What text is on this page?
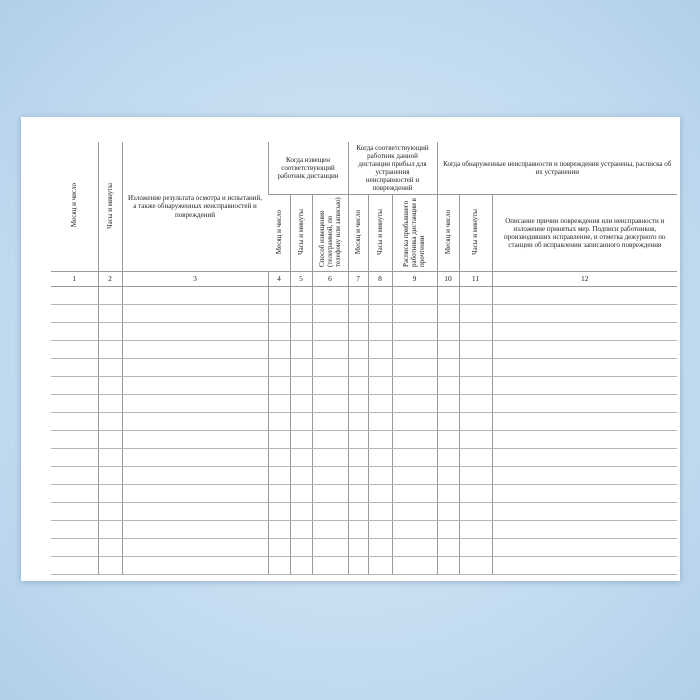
Месяц и число	Часы и минуты	Изложение результата осмотра и испытаний, а также обнаруженных неисправностей и повреждений	Когда извещен соответствующий работник дистанции			Когда соответствующий работник данной дистанции прибыл для устранения неисправностей и повреждений			Когда обнаруженные неисправности и повреждения устранены, расписка об их устранении		
			Месяц и число	Часы и минуты	Способ извещения (телеграммой, по телефону или записью)	Месяц и число	Часы и минуты	Расписка прибывшего работника дистанции в прочтении	Месяц и число	Часы и минуты	Описание причин повреждения или неисправности и изложение принятых мер. Подписи работников, производивших исправление, и отметка дежурного по станции об исправлении записанного повреждения
1	2	3	4	5	6	7	8	9	10	11	12
